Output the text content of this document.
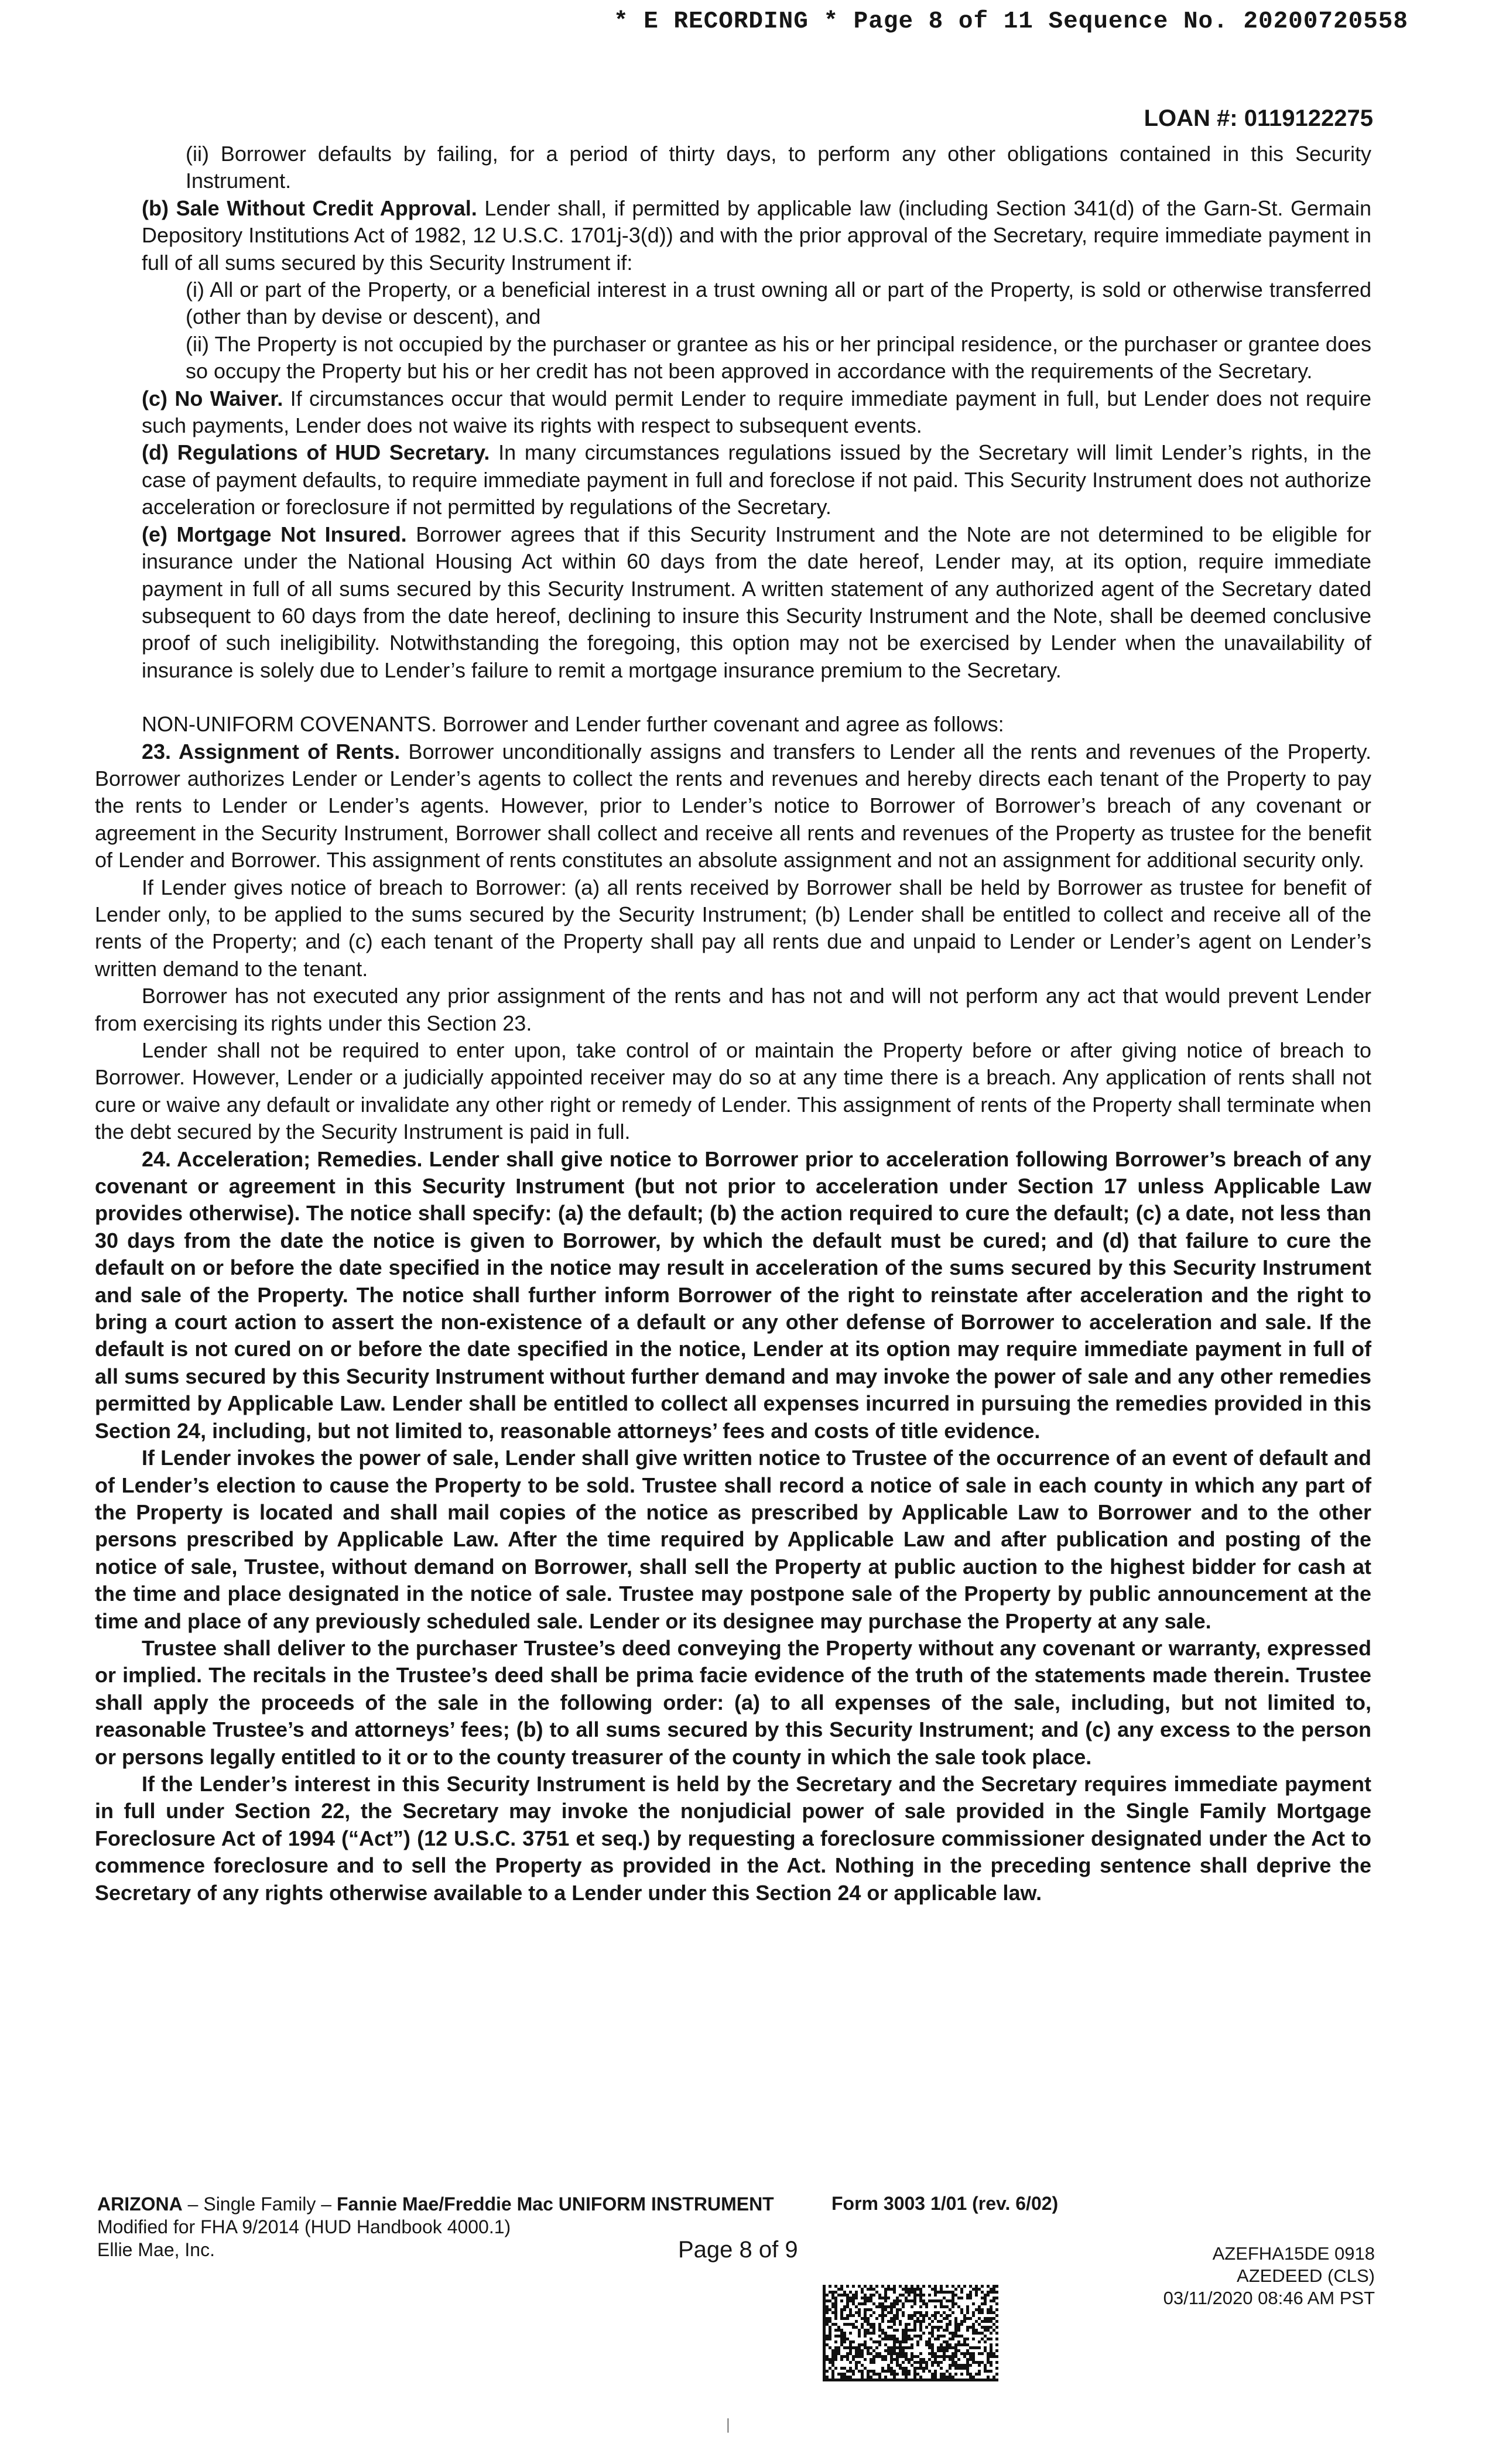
* E RECORDING * Page 8 of 11 Sequence No. 20200720558
LOAN #: 0119122275

(ii) Borrower defaults by failing, for a period of thirty days, to perform any other obligations contained in this Security Instrument.

(b) Sale Without Credit Approval. Lender shall, if permitted by applicable law (including Section 341(d) of the Garn-St. Germain Depository Institutions Act of 1982, 12 U.S.C. 1701j-3(d)) and with the prior approval of the Secretary, require immediate payment in full of all sums secured by this Security Instrument if:

(i) All or part of the Property, or a beneficial interest in a trust owning all or part of the Property, is sold or otherwise transferred (other than by devise or descent), and

(ii) The Property is not occupied by the purchaser or grantee as his or her principal residence, or the purchaser or grantee does so occupy the Property but his or her credit has not been approved in accordance with the requirements of the Secretary.

(c) No Waiver. If circumstances occur that would permit Lender to require immediate payment in full, but Lender does not require such payments, Lender does not waive its rights with respect to subsequent events.

(d) Regulations of HUD Secretary. In many circumstances regulations issued by the Secretary will limit Lender’s rights, in the case of payment defaults, to require immediate payment in full and foreclose if not paid. This Security Instrument does not authorize acceleration or foreclosure if not permitted by regulations of the Secretary.

(e) Mortgage Not Insured. Borrower agrees that if this Security Instrument and the Note are not determined to be eligible for insurance under the National Housing Act within 60 days from the date hereof, Lender may, at its option, require immediate payment in full of all sums secured by this Security Instrument. A written statement of any authorized agent of the Secretary dated subsequent to 60 days from the date hereof, declining to insure this Security Instrument and the Note, shall be deemed conclusive proof of such ineligibility. Notwithstanding the foregoing, this option may not be exercised by Lender when the unavailability of insurance is solely due to Lender’s failure to remit a mortgage insurance premium to the Secretary.

NON-UNIFORM COVENANTS. Borrower and Lender further covenant and agree as follows:

23. Assignment of Rents. Borrower unconditionally assigns and transfers to Lender all the rents and revenues of the Property. Borrower authorizes Lender or Lender’s agents to collect the rents and revenues and hereby directs each tenant of the Property to pay the rents to Lender or Lender’s agents. However, prior to Lender’s notice to Borrower of Borrower’s breach of any covenant or agreement in the Security Instrument, Borrower shall collect and receive all rents and revenues of the Property as trustee for the benefit of Lender and Borrower. This assignment of rents constitutes an absolute assignment and not an assignment for additional security only.

If Lender gives notice of breach to Borrower: (a) all rents received by Borrower shall be held by Borrower as trustee for benefit of Lender only, to be applied to the sums secured by the Security Instrument; (b) Lender shall be entitled to collect and receive all of the rents of the Property; and (c) each tenant of the Property shall pay all rents due and unpaid to Lender or Lender’s agent on Lender’s written demand to the tenant.

Borrower has not executed any prior assignment of the rents and has not and will not perform any act that would prevent Lender from exercising its rights under this Section 23.

Lender shall not be required to enter upon, take control of or maintain the Property before or after giving notice of breach to Borrower. However, Lender or a judicially appointed receiver may do so at any time there is a breach. Any application of rents shall not cure or waive any default or invalidate any other right or remedy of Lender. This assignment of rents of the Property shall terminate when the debt secured by the Security Instrument is paid in full.

24. Acceleration; Remedies. Lender shall give notice to Borrower prior to acceleration following Borrower’s breach of any covenant or agreement in this Security Instrument (but not prior to acceleration under Section 17 unless Applicable Law provides otherwise). The notice shall specify: (a) the default; (b) the action required to cure the default; (c) a date, not less than 30 days from the date the notice is given to Borrower, by which the default must be cured; and (d) that failure to cure the default on or before the date specified in the notice may result in acceleration of the sums secured by this Security Instrument and sale of the Property. The notice shall further inform Borrower of the right to reinstate after acceleration and the right to bring a court action to assert the non-existence of a default or any other defense of Borrower to acceleration and sale. If the default is not cured on or before the date specified in the notice, Lender at its option may require immediate payment in full of all sums secured by this Security Instrument without further demand and may invoke the power of sale and any other remedies permitted by Applicable Law. Lender shall be entitled to collect all expenses incurred in pursuing the remedies provided in this Section 24, including, but not limited to, reasonable attorneys’ fees and costs of title evidence.

If Lender invokes the power of sale, Lender shall give written notice to Trustee of the occurrence of an event of default and of Lender’s election to cause the Property to be sold. Trustee shall record a notice of sale in each county in which any part of the Property is located and shall mail copies of the notice as prescribed by Applicable Law to Borrower and to the other persons prescribed by Applicable Law. After the time required by Applicable Law and after publication and posting of the notice of sale, Trustee, without demand on Borrower, shall sell the Property at public auction to the highest bidder for cash at the time and place designated in the notice of sale. Trustee may postpone sale of the Property by public announcement at the time and place of any previously scheduled sale. Lender or its designee may purchase the Property at any sale.

Trustee shall deliver to the purchaser Trustee’s deed conveying the Property without any covenant or warranty, expressed or implied. The recitals in the Trustee’s deed shall be prima facie evidence of the truth of the statements made therein. Trustee shall apply the proceeds of the sale in the following order: (a) to all expenses of the sale, including, but not limited to, reasonable Trustee’s and attorneys’ fees; (b) to all sums secured by this Security Instrument; and (c) any excess to the person or persons legally entitled to it or to the county treasurer of the county in which the sale took place.

If the Lender’s interest in this Security Instrument is held by the Secretary and the Secretary requires immediate payment in full under Section 22, the Secretary may invoke the nonjudicial power of sale provided in the Single Family Mortgage Foreclosure Act of 1994 (“Act”) (12 U.S.C. 3751 et seq.) by requesting a foreclosure commissioner designated under the Act to commence foreclosure and to sell the Property as provided in the Act. Nothing in the preceding sentence shall deprive the Secretary of any rights otherwise available to a Lender under this Section 24 or applicable law.

ARIZONA – Single Family – Fannie Mae/Freddie Mac UNIFORM INSTRUMENT
Modified for FHA 9/2014 (HUD Handbook 4000.1)
Ellie Mae, Inc.
Form 3003 1/01 (rev. 6/02)
Page 8 of 9	AZEFHA15DE 0918
AZEDEED (CLS)
03/11/2020 08:46 AM PST
|
